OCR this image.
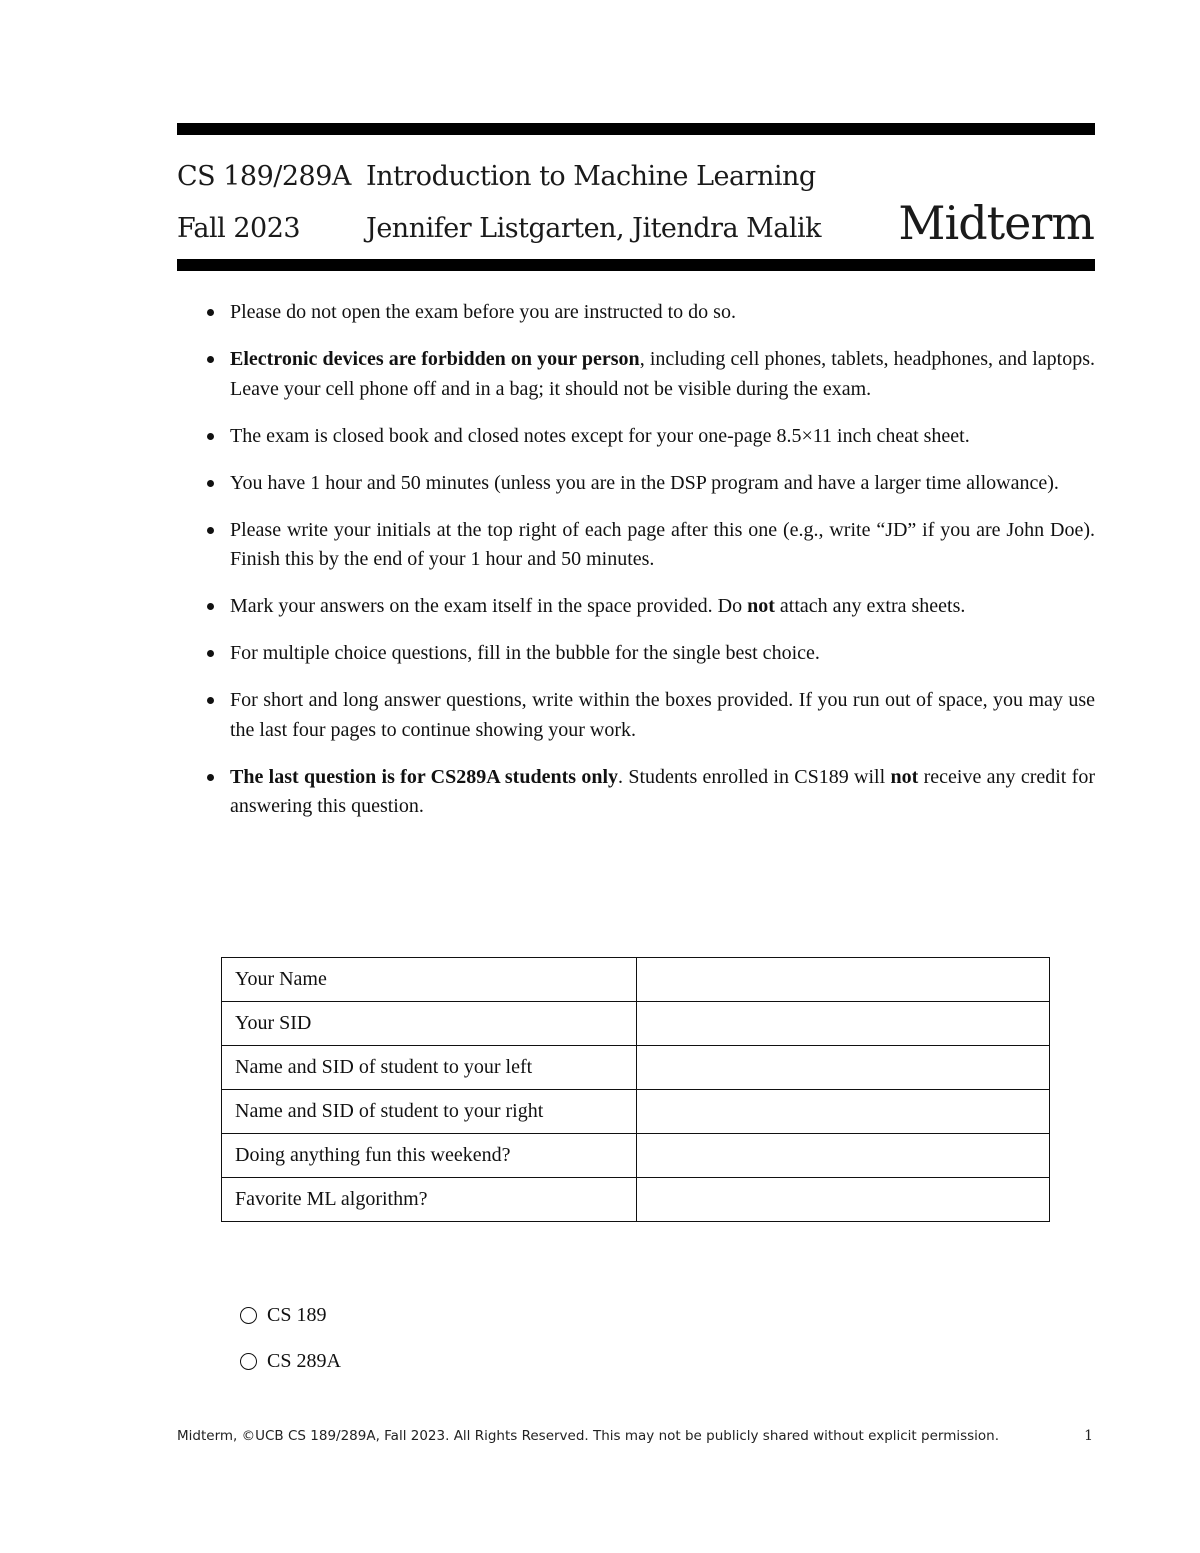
CS 189/289A Introduction to Machine Learning
Fall 2023 Jennifer Listgarten, Jitendra Malik Midterm
Please do not open the exam before you are instructed to do so.
Electronic devices are forbidden on your person, including cell phones, tablets, headphones, and laptops. Leave your cell phone off and in a bag; it should not be visible during the exam.
The exam is closed book and closed notes except for your one-page 8.5×11 inch cheat sheet.
You have 1 hour and 50 minutes (unless you are in the DSP program and have a larger time allowance).
Please write your initials at the top right of each page after this one (e.g., write “JD” if you are John Doe). Finish this by the end of your 1 hour and 50 minutes.
Mark your answers on the exam itself in the space provided. Do not attach any extra sheets.
For multiple choice questions, fill in the bubble for the single best choice.
For short and long answer questions, write within the boxes provided. If you run out of space, you may use the last four pages to continue showing your work.
The last question is for CS289A students only. Students enrolled in CS189 will not receive any credit for answering this question.
Your Name	
Your SID	
Name and SID of student to your left	
Name and SID of student to your right	
Doing anything fun this weekend?	
Favorite ML algorithm?	
CS 189
CS 289A
Midterm, ©UCB CS 189/289A, Fall 2023. All Rights Reserved. This may not be publicly shared without explicit permission.	1
